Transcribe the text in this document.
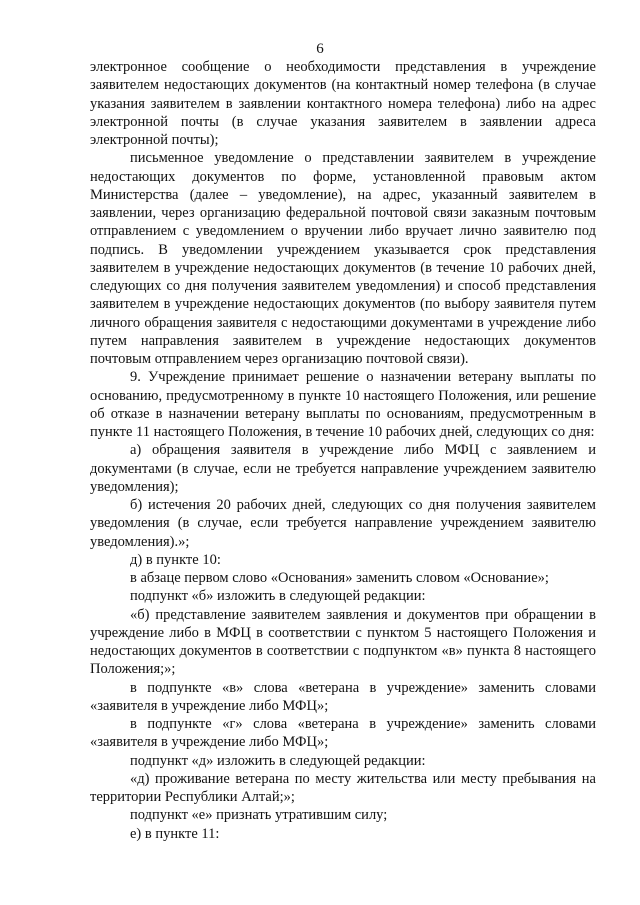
6

электронное сообщение о необходимости представления в учреждение заявителем недостающих документов (на контактный номер телефона (в случае указания заявителем в заявлении контактного номера телефона) либо на адрес электронной почты (в случае указания заявителем в заявлении адреса электронной почты);

письменное уведомление о представлении заявителем в учреждение недостающих документов по форме, установленной правовым актом Министерства (далее – уведомление), на адрес, указанный заявителем в заявлении, через организацию федеральной почтовой связи заказным почтовым отправлением с уведомлением о вручении либо вручает лично заявителю под подпись. В уведомлении учреждением указывается срок представления заявителем в учреждение недостающих документов (в течение 10 рабочих дней, следующих со дня получения заявителем уведомления) и способ представления заявителем в учреждение недостающих документов (по выбору заявителя путем личного обращения заявителя с недостающими документами в учреждение либо путем направления заявителем в учреждение недостающих документов почтовым отправлением через организацию почтовой связи).

9. Учреждение принимает решение о назначении ветерану выплаты по основанию, предусмотренному в пункте 10 настоящего Положения, или решение об отказе в назначении ветерану выплаты по основаниям, предусмотренным в пункте 11 настоящего Положения, в течение 10 рабочих дней, следующих со дня:

а) обращения заявителя в учреждение либо МФЦ с заявлением и документами (в случае, если не требуется направление учреждением заявителю уведомления);

б) истечения 20 рабочих дней, следующих со дня получения заявителем уведомления (в случае, если требуется направление учреждением заявителю уведомления).»;

д) в пункте 10:

в абзаце первом слово «Основания» заменить словом «Основание»;

подпункт «б» изложить в следующей редакции:

«б) представление заявителем заявления и документов при обращении в учреждение либо в МФЦ в соответствии с пунктом 5 настоящего Положения и недостающих документов в соответствии с подпунктом «в» пункта 8 настоящего Положения;»;

в подпункте «в» слова «ветерана в учреждение» заменить словами «заявителя в учреждение либо МФЦ»;

в подпункте «г» слова «ветерана в учреждение» заменить словами «заявителя в учреждение либо МФЦ»;

подпункт «д» изложить в следующей редакции:

«д) проживание ветерана по месту жительства или месту пребывания на территории Республики Алтай;»;

подпункт «е» признать утратившим силу;

е) в пункте 11:
